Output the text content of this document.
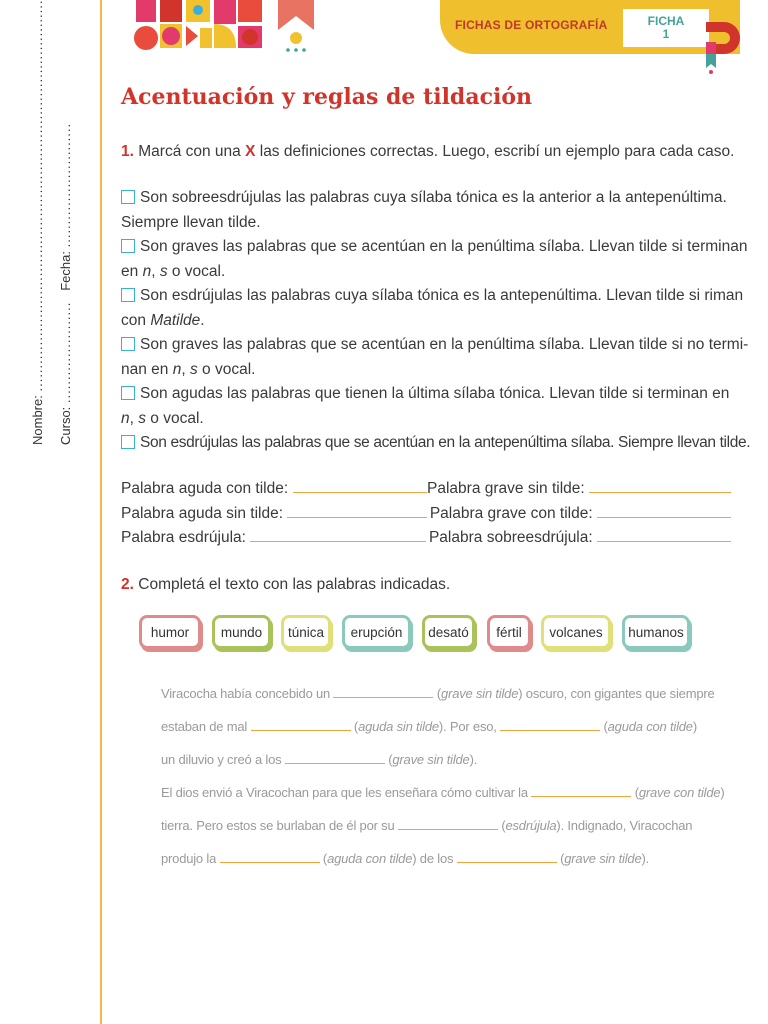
Nombre: .....................................................................................
Curso: ......................   Fecha: ...........................
FICHAS DE ORTOGRAFÍA	FICHA
1
Acentuación y reglas de tildación
1. Marcá con una X las definiciones correctas. Luego, escribí un ejemplo para cada caso.
Son sobreesdrújulas las palabras cuya sílaba tónica es la anterior a la antepenúltima.
Siempre llevan tilde.
Son graves las palabras que se acentúan en la penúltima sílaba. Llevan tilde si terminan
en n, s o vocal.
Son esdrújulas las palabras cuya sílaba tónica es la antepenúltima. Llevan tilde si riman
con Matilde.
Son graves las palabras que se acentúan en la penúltima sílaba. Llevan tilde si no termi-
nan en n, s o vocal.
Son agudas las palabras que tienen la última sílaba tónica. Llevan tilde si terminan en
n, s o vocal.
Son esdrújulas las palabras que se acentúan en la antepenúltima sílaba. Siempre llevan tilde.
Palabra aguda con tilde:	Palabra grave sin tilde:
Palabra aguda sin tilde:	Palabra grave con tilde:
Palabra esdrújula:	Palabra sobreesdrújula:
2. Completá el texto con las palabras indicadas.
humor mundo túnica erupción desató fértil volcanes humanos
Viracocha había concebido un	(grave sin tilde) oscuro, con gigantes que siempre
estaban de mal	(aguda sin tilde). Por eso,	(aguda con tilde)
un diluvio y creó a los	(grave sin tilde).
El dios envió a Viracochan para que les enseñara cómo cultivar la	(grave con tilde)
tierra. Pero estos se burlaban de él por su	(esdrújula). Indignado, Viracochan
produjo la	(aguda con tilde) de los	(grave sin tilde).
